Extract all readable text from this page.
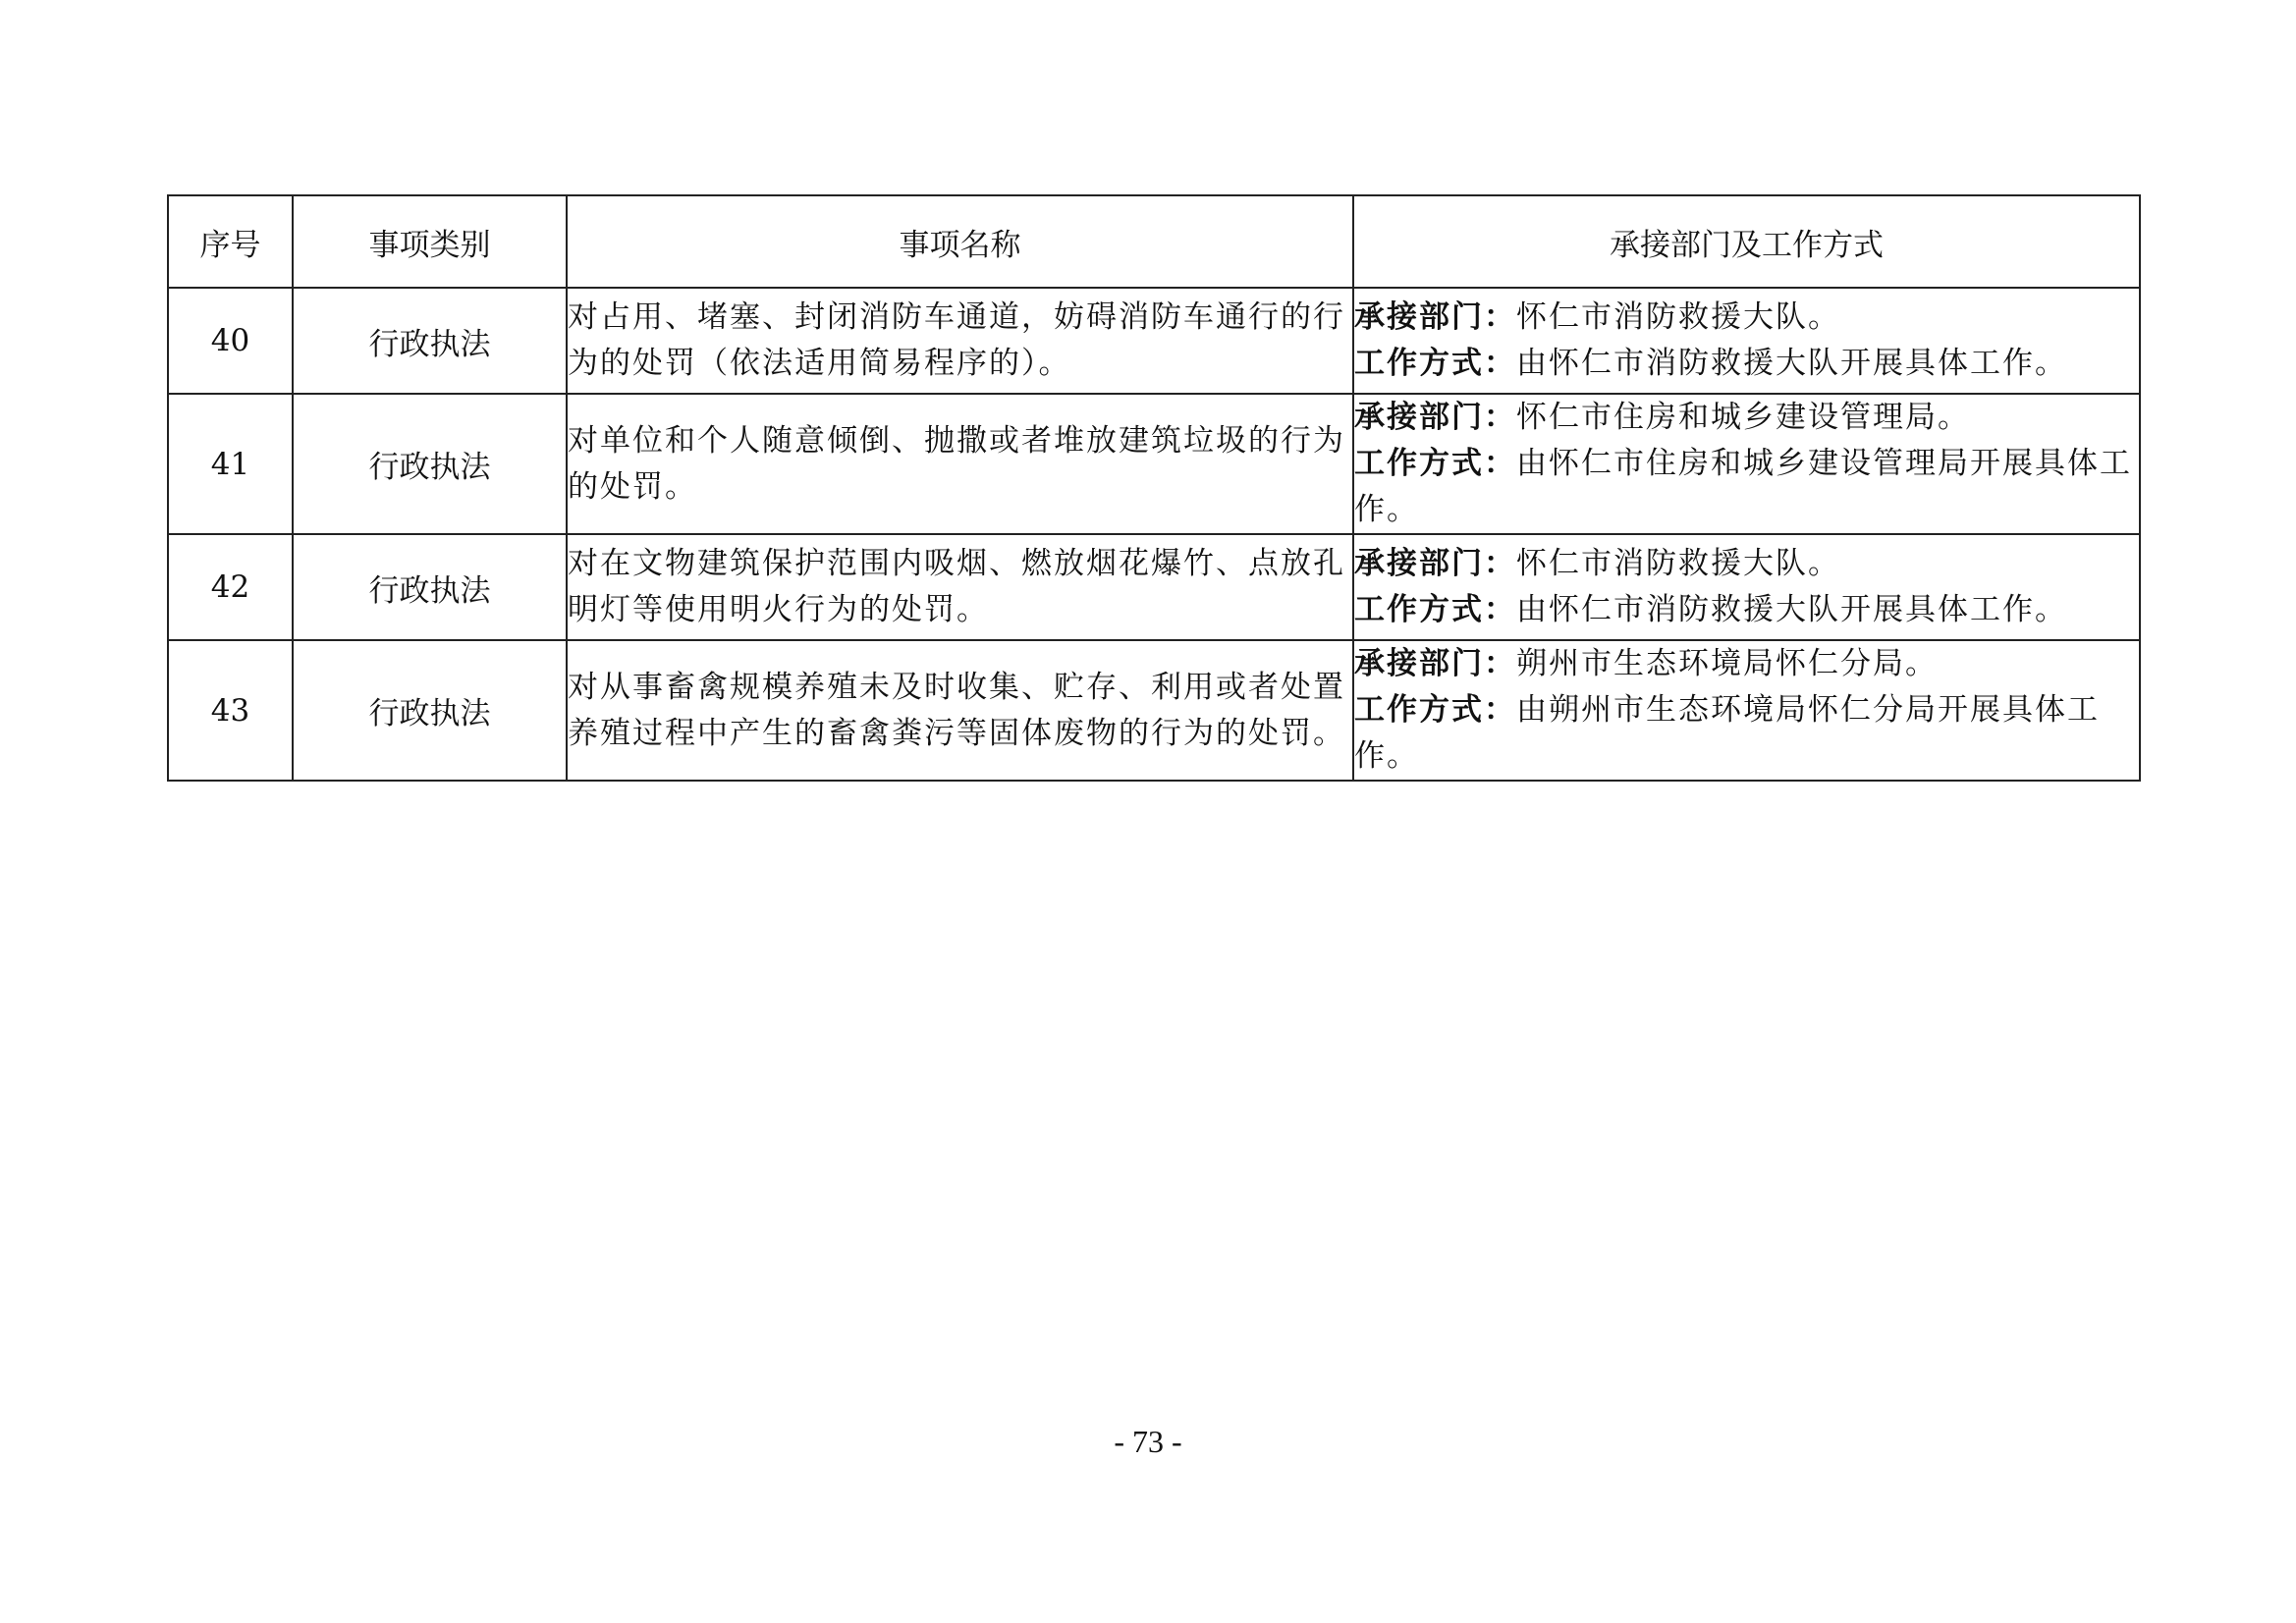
序号	事项类别	事项名称	承接部门及工作方式
40	行政执法	对占用、堵塞、封闭消防车通道，妨碍消防车通行的行为的处罚（依法适用简易程序的）。	承接部门：怀仁市消防救援大队。
工作方式：由怀仁市消防救援大队开展具体工作。

41	行政执法	对单位和个人随意倾倒、抛撒或者堆放建筑垃圾的行为的处罚。	承接部门：怀仁市住房和城乡建设管理局。
工作方式：由怀仁市住房和城乡建设管理局开展具体工作。

42	行政执法	对在文物建筑保护范围内吸烟、燃放烟花爆竹、点放孔明灯等使用明火行为的处罚。	承接部门：怀仁市消防救援大队。
工作方式：由怀仁市消防救援大队开展具体工作。

43	行政执法	对从事畜禽规模养殖未及时收集、贮存、利用或者处置养殖过程中产生的畜禽粪污等固体废物的行为的处罚。	承接部门：朔州市生态环境局怀仁分局。
工作方式：由朔州市生态环境局怀仁分局开展具体工作。
- 73 -
